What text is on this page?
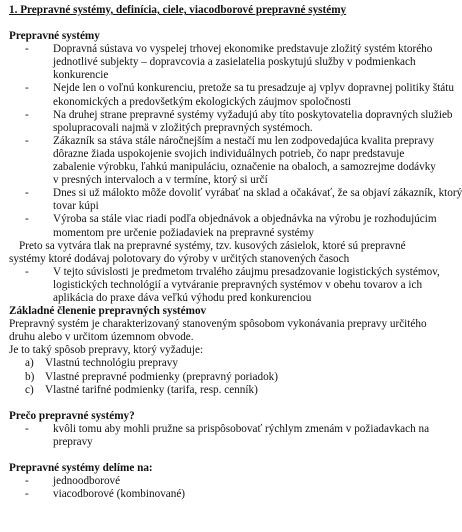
1. Prepravné systémy, definícia, ciele, viacodborové prepravné systémy
Prepravné systémy
-	Dopravná sústava vo vyspelej trhovej ekonomike predstavuje zložitý systém ktorého
jednotlivé subjekty – dopravcovia a zasielatelia poskytujú služby v podmienkach
konkurencie
-	Nejde len o voľnú konkurenciu, pretože sa tu presadzuje aj vplyv dopravnej politiky štátu
ekonomických a predovšetkým ekologických záujmov spoločnosti
-	Na druhej strane prepravné systémy vyžadujú aby títo poskytovatelia dopravných služieb
spolupracovali najmä v zložitých prepravných systémoch.
-	Zákazník sa stáva stále náročnejším a nestačí mu len zodpovedajúca kvalita prepravy
dôrazne žiada uspokojenie svojich individuálnych potrieb, čo napr predstavuje
zabalenie výrobku, ľahkú manipuláciu, označenie na obaloch, a samozrejme dodávky
v presných intervaloch a v termíne, ktorý si určí
-	Dnes si už málokto môže dovoliť vyrábať na sklad a očakávať, že sa objaví zákazník, ktorý
tovar kúpi
-	Výroba sa stále viac riadi podľa objednávok a objednávka na výrobu je rozhodujúcim
momentom pre určenie požiadaviek na prepravné systémy
Preto sa vytvára tlak na prepravné systémy, tzv. kusových zásielok, ktoré sú prepravné
systémy ktoré dodávaj polotovary do výroby v určitých stanovených časoch
-	V tejto súvislosti je predmetom trvalého záujmu presadzovanie logistických systémov,
logistických technológií a vytváranie prepravných systémov v obehu tovarov a ich
aplikácia do praxe dáva veľkú výhodu pred konkurenciou
Základné členenie prepravných systémov
Prepravný systém je charakterizovaný stanoveným spôsobom vykonávania prepravy určitého
druhu alebo v určitom územnom obvode.
Je to taký spôsob prepravy, ktorý vyžaduje:
a)	Vlastnú technológiu prepravy
b) Vlastné prepravné podmienky (prepravný poriadok)
c)	Vlastné tarifné podmienky (tarifa, resp. cenník)
Prečo prepravné systémy?
-	kvôli tomu aby mohli pružne sa prispôsobovať rýchlym zmenám v požiadavkach na
prepravy
Prepravné systémy delíme na:
-	jednoodborové
-	viacodborové (kombinované)
